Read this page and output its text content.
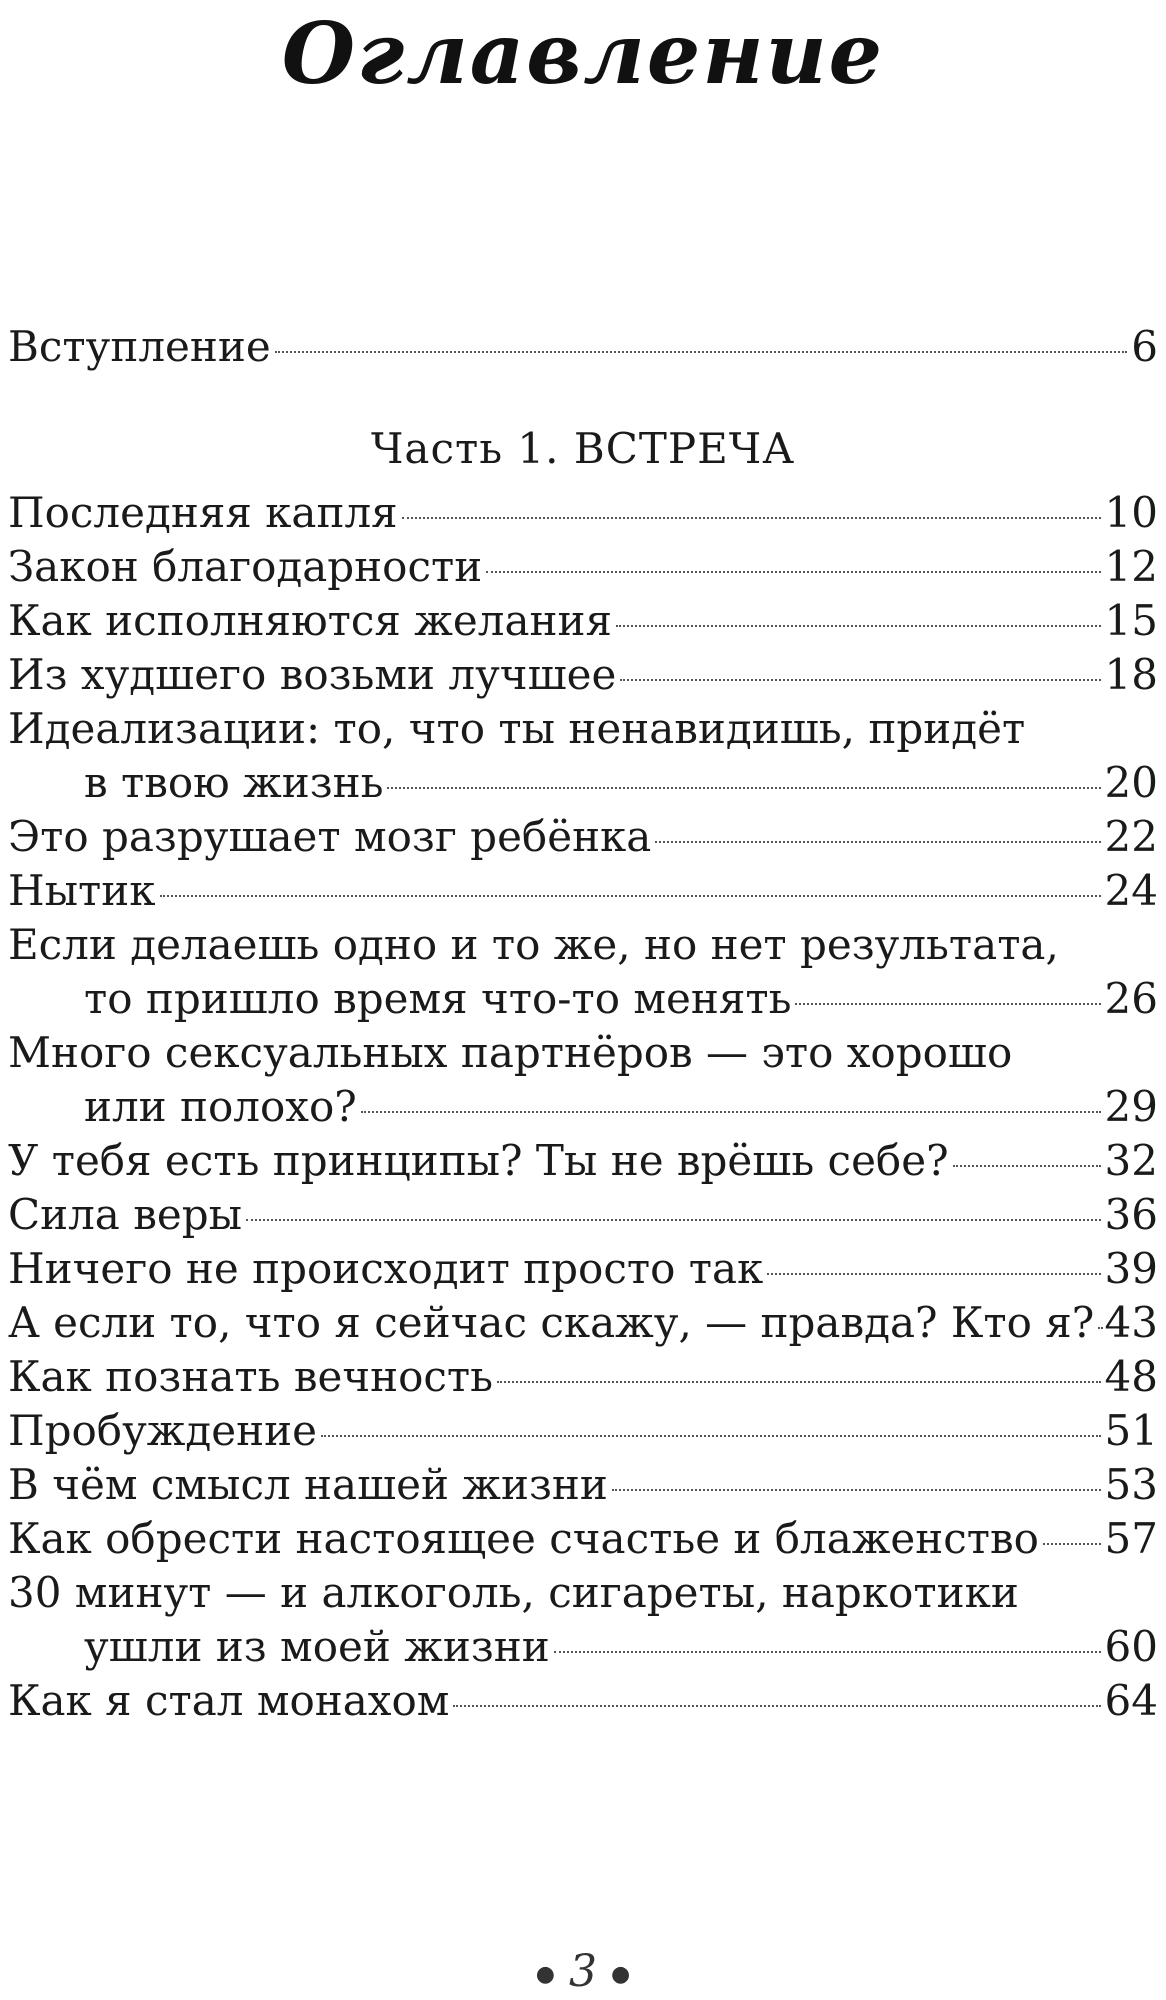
Оглавление
Вступление	6
Часть 1. ВСТРЕЧА
Последняя капля	10
Закон благодарности	12
Как исполняются желания	15
Из худшего возьми лучшее	18
Идеализации: то, что ты ненавидишь, придёт
в твою жизнь	20
Это разрушает мозг ребёнка	22
Нытик	24
Если делаешь одно и то же, но нет результата,
то пришло время что-то менять	26
Много сексуальных партнёров — это хорошо
или полохо?	29
У тебя есть принципы? Ты не врёшь себе?	32
Сила веры	36
Ничего не происходит просто так	39
А если то, что я сейчас скажу, — правда? Кто я? 43
Как познать вечность	48
Пробуждение	51
В чём смысл нашей жизни	53
Как обрести настоящее счастье и блаженство 57
30 минут — и алкоголь, сигареты, наркотики
ушли из моей жизни	60
Как я стал монахом	64
● 3 ●
